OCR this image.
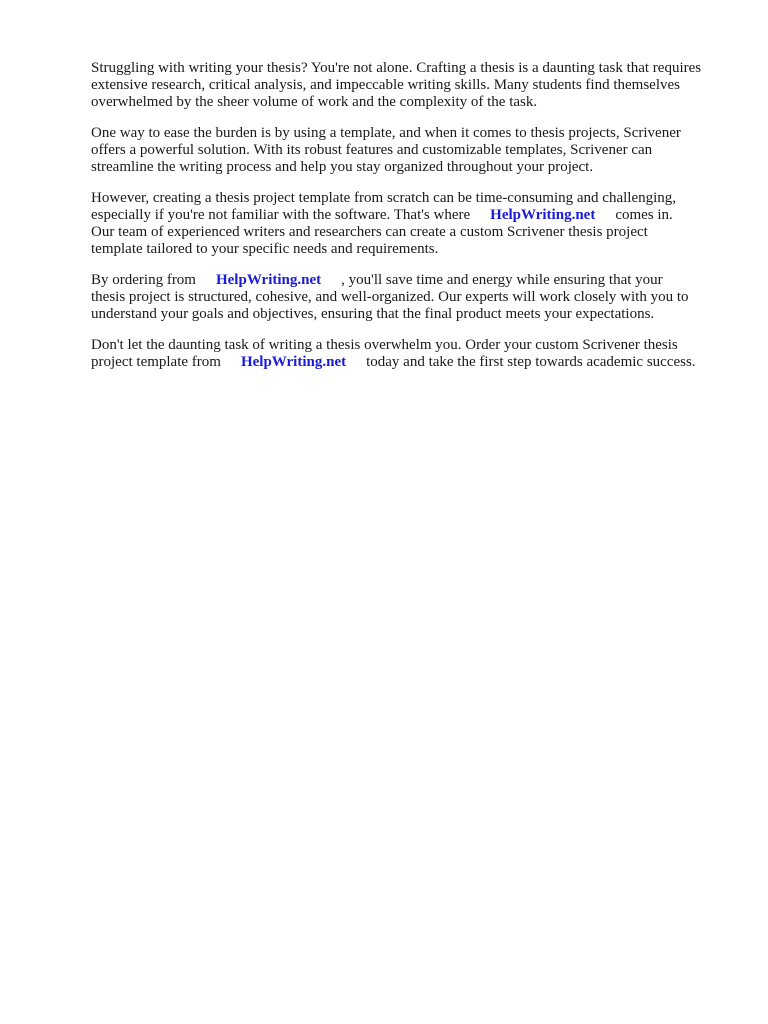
Struggling with writing your thesis? You're not alone. Crafting a thesis is a daunting task that requires
extensive research, critical analysis, and impeccable writing skills. Many students find themselves
overwhelmed by the sheer volume of work and the complexity of the task.

One way to ease the burden is by using a template, and when it comes to thesis projects, Scrivener
offers a powerful solution. With its robust features and customizable templates, Scrivener can
streamline the writing process and help you stay organized throughout your project.

However, creating a thesis project template from scratch can be time-consuming and challenging,
especially if you're not familiar with the software. That's where HelpWriting.net comes in.
Our team of experienced writers and researchers can create a custom Scrivener thesis project
template tailored to your specific needs and requirements.

By ordering from HelpWriting.net , you'll save time and energy while ensuring that your
thesis project is structured, cohesive, and well-organized. Our experts will work closely with you to
understand your goals and objectives, ensuring that the final product meets your expectations.

Don't let the daunting task of writing a thesis overwhelm you. Order your custom Scrivener thesis
project template from HelpWriting.net today and take the first step towards academic success.
